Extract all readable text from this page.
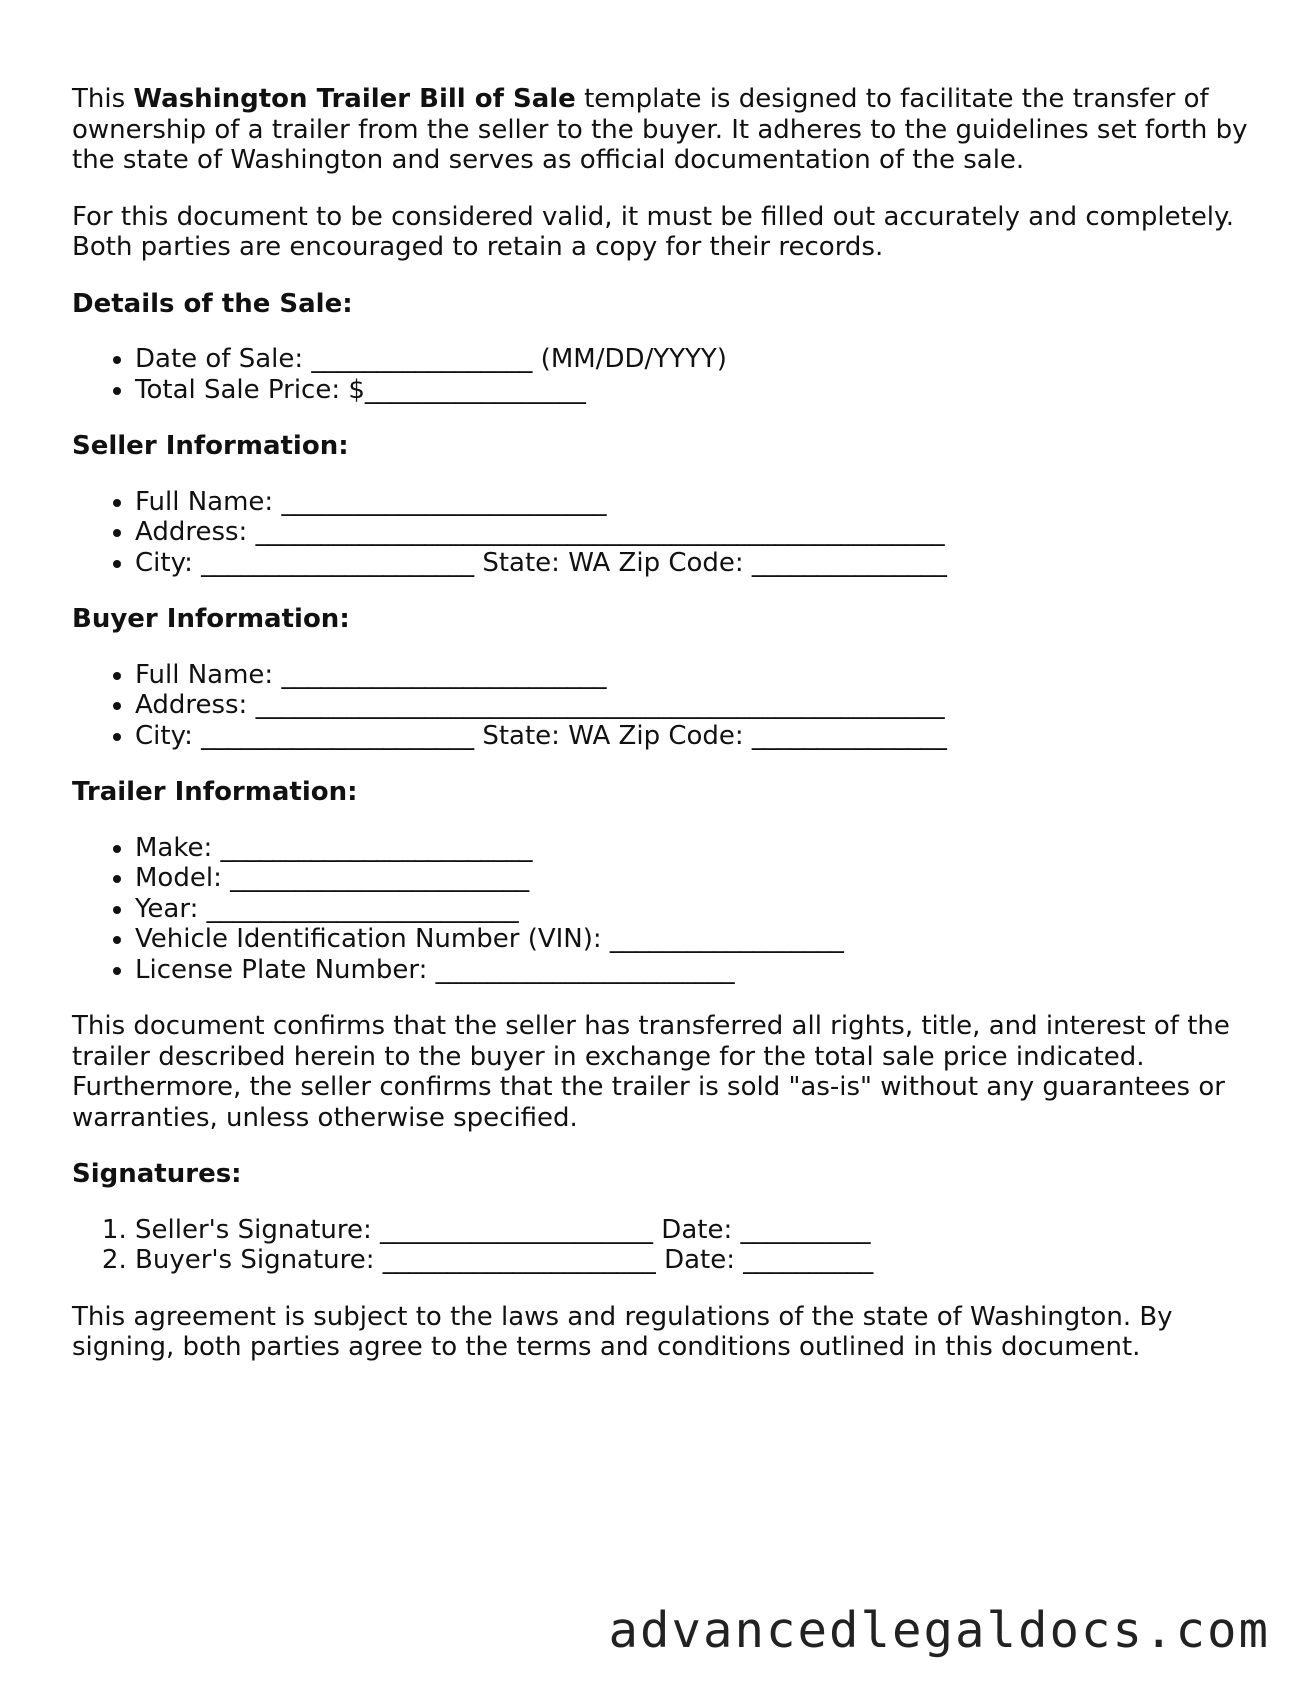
This Washington Trailer Bill of Sale template is designed to facilitate the transfer of ownership of a trailer from the seller to the buyer. It adheres to the guidelines set forth by the state of Washington and serves as official documentation of the sale.

For this document to be considered valid, it must be filled out accurately and completely. Both parties are encouraged to retain a copy for their records.

Details of the Sale:
• Date of Sale: _________________ (MM/DD/YYYY)
• Total Sale Price: $_________________
Seller Information:
• Full Name: _________________________
• Address: _____________________________________________________
• City: _____________________ State: WA Zip Code: _______________
Buyer Information:
• Full Name: _________________________
• Address: _____________________________________________________
• City: _____________________ State: WA Zip Code: _______________
Trailer Information:
• Make: ________________________
• Model: _______________________
• Year: ________________________
• Vehicle Identification Number (VIN): __________________
• License Plate Number: _______________________

This document confirms that the seller has transferred all rights, title, and interest of the trailer described herein to the buyer in exchange for the total sale price indicated. Furthermore, the seller confirms that the trailer is sold "as-is" without any guarantees or warranties, unless otherwise specified.

Signatures:
1. Seller's Signature: _____________________ Date: __________
2. Buyer's Signature: _____________________ Date: __________

This agreement is subject to the laws and regulations of the state of Washington. By signing, both parties agree to the terms and conditions outlined in this document.

advancedlegaldocs.com
